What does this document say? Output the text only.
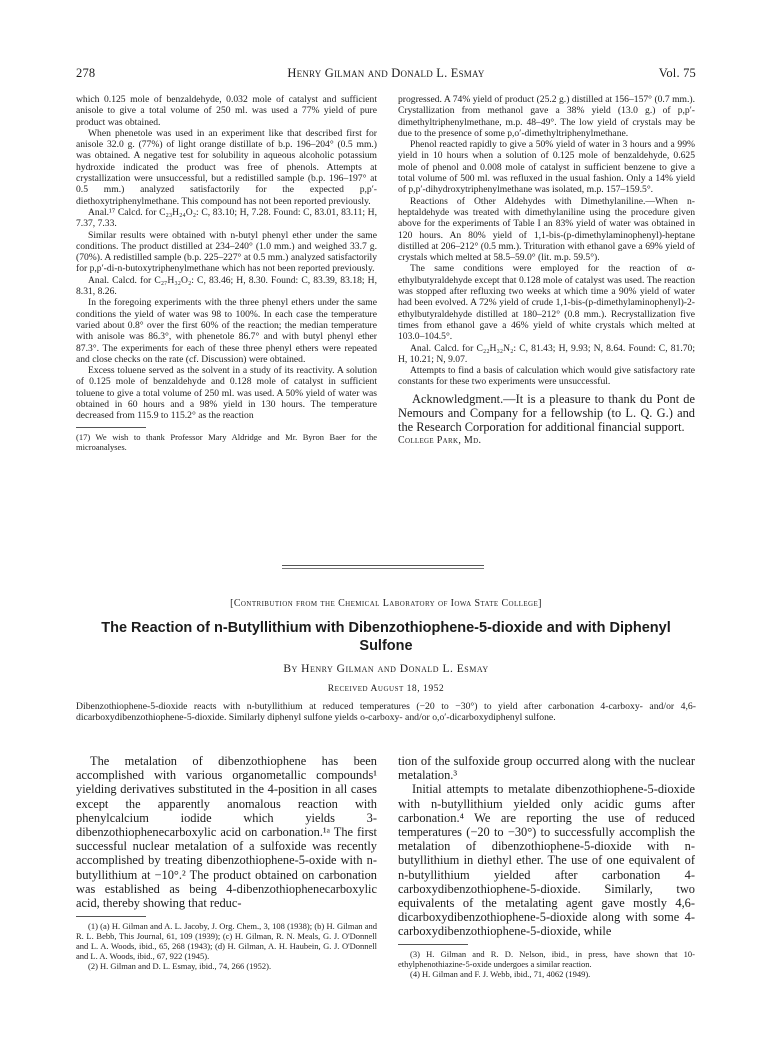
278	Henry Gilman and Donald L. Esmay	Vol. 75

which 0.125 mole of benzaldehyde, 0.032 mole of catalyst and sufficient anisole to give a total volume of 250 ml. was used a 77% yield of pure product was obtained.

When phenetole was used in an experiment like that described first for anisole 32.0 g. (77%) of light orange distillate of b.p. 196–204° (0.5 mm.) was obtained. A negative test for solubility in aqueous alcoholic potassium hydroxide indicated the product was free of phenols. Attempts at crystallization were unsuccessful, but a redistilled sample (b.p. 196–197° at 0.5 mm.) analyzed satisfactorily for the expected p,p′-diethoxytriphenylmethane. This compound has not been reported previously.

Anal.¹⁷ Calcd. for C₂₃H₂₄O₂: C, 83.10; H, 7.28. Found: C, 83.01, 83.11; H, 7.37, 7.33.

Similar results were obtained with n-butyl phenyl ether under the same conditions. The product distilled at 234–240° (1.0 mm.) and weighed 33.7 g. (70%). A redistilled sample (b.p. 225–227° at 0.5 mm.) analyzed satisfactorily for p,p′-di-n-butoxytriphenylmethane which has not been reported previously.

Anal. Calcd. for C₂₇H₃₂O₂: C, 83.46; H, 8.30. Found: C, 83.39, 83.18; H, 8.31, 8.26.

In the foregoing experiments with the three phenyl ethers under the same conditions the yield of water was 98 to 100%. In each case the temperature varied about 0.8° over the first 60% of the reaction; the median temperature with anisole was 86.3°, with phenetole 86.7° and with butyl phenyl ether 87.3°. The experiments for each of these three phenyl ethers were repeated and close checks on the rate (cf. Discussion) were obtained.

Excess toluene served as the solvent in a study of its reactivity. A solution of 0.125 mole of benzaldehyde and 0.128 mole of catalyst in sufficient toluene to give a total volume of 250 ml. was used. A 50% yield of water was obtained in 60 hours and a 98% yield in 130 hours. The temperature decreased from 115.9 to 115.2° as the reaction

(17) We wish to thank Professor Mary Aldridge and Mr. Byron Baer for the microanalyses.

progressed. A 74% yield of product (25.2 g.) distilled at 156–157° (0.7 mm.). Crystallization from methanol gave a 38% yield (13.0 g.) of p,p′-dimethyltriphenylmethane, m.p. 48–49°. The low yield of crystals may be due to the presence of some p,o′-dimethyltriphenylmethane.

Phenol reacted rapidly to give a 50% yield of water in 3 hours and a 99% yield in 10 hours when a solution of 0.125 mole of benzaldehyde, 0.625 mole of phenol and 0.008 mole of catalyst in sufficient benzene to give a total volume of 500 ml. was refluxed in the usual fashion. Only a 14% yield of p,p′-dihydroxytriphenylmethane was isolated, m.p. 157–159.5°.

Reactions of Other Aldehydes with Dimethylaniline.—When n-heptaldehyde was treated with dimethylaniline using the procedure given above for the experiments of Table I an 83% yield of water was obtained in 120 hours. An 80% yield of 1,1-bis-(p-dimethylaminophenyl)-heptane distilled at 206–212° (0.5 mm.). Trituration with ethanol gave a 69% yield of crystals which melted at 58.5–59.0° (lit. m.p. 59.5°).

The same conditions were employed for the reaction of α-ethylbutyraldehyde except that 0.128 mole of catalyst was used. The reaction was stopped after refluxing two weeks at which time a 90% yield of water had been evolved. A 72% yield of crude 1,1-bis-(p-dimethylaminophenyl)-2-ethylbutyraldehyde distilled at 180–212° (0.8 mm.). Recrystallization five times from ethanol gave a 46% yield of white crystals which melted at 103.0–104.5°.

Anal. Calcd. for C₂₂H₃₂N₂: C, 81.43; H, 9.93; N, 8.64. Found: C, 81.70; H, 10.21; N, 9.07.

Attempts to find a basis of calculation which would give satisfactory rate constants for these two experiments were unsuccessful.

Acknowledgment.—It is a pleasure to thank du Pont de Nemours and Company for a fellowship (to L. Q. G.) and the Research Corporation for additional financial support.

College Park, Md.

[Contribution from the Chemical Laboratory of Iowa State College]
The Reaction of n-Butyllithium with Dibenzothiophene-5-dioxide and with Diphenyl Sulfone
By Henry Gilman and Donald L. Esmay
Received August 18, 1952
Dibenzothiophene-5-dioxide reacts with n-butyllithium at reduced temperatures (−20 to −30°) to yield after carbonation 4-carboxy- and/or 4,6-dicarboxydibenzothiophene-5-dioxide. Similarly diphenyl sulfone yields o-carboxy- and/or o,o′-dicarboxydiphenyl sulfone.

The metalation of dibenzothiophene has been accomplished with various organometallic compounds¹ yielding derivatives substituted in the 4-position in all cases except the apparently anomalous reaction with phenylcalcium iodide which yields 3-dibenzothiophenecarboxylic acid on carbonation.¹ᵃ The first successful nuclear metalation of a sulfoxide was recently accomplished by treating dibenzothiophene-5-oxide with n-butyllithium at −10°.² The product obtained on carbonation was established as being 4-dibenzothiophenecarboxylic acid, thereby showing that reduc-

(1) (a) H. Gilman and A. L. Jacoby, J. Org. Chem., 3, 108 (1938); (b) H. Gilman and R. L. Bebb, This Journal, 61, 109 (1939); (c) H. Gilman, R. N. Meals, G. J. O'Donnell and L. A. Woods, ibid., 65, 268 (1943); (d) H. Gilman, A. H. Haubein, G. J. O'Donnell and L. A. Woods, ibid., 67, 922 (1945).

(2) H. Gilman and D. L. Esmay, ibid., 74, 266 (1952).

tion of the sulfoxide group occurred along with the nuclear metalation.³

Initial attempts to metalate dibenzothiophene-5-dioxide with n-butyllithium yielded only acidic gums after carbonation.⁴ We are reporting the use of reduced temperatures (−20 to −30°) to successfully accomplish the metalation of dibenzothiophene-5-dioxide with n-butyllithium in diethyl ether. The use of one equivalent of n-butyllithium yielded after carbonation 4-carboxydibenzothiophene-5-dioxide. Similarly, two equivalents of the metalating agent gave mostly 4,6-dicarboxydibenzothiophene-5-dioxide along with some 4-carboxydibenzothiophene-5-dioxide, while

(3) H. Gilman and R. D. Nelson, ibid., in press, have shown that 10-ethylphenothiazine-5-oxide undergoes a similar reaction.

(4) H. Gilman and F. J. Webb, ibid., 71, 4062 (1949).
